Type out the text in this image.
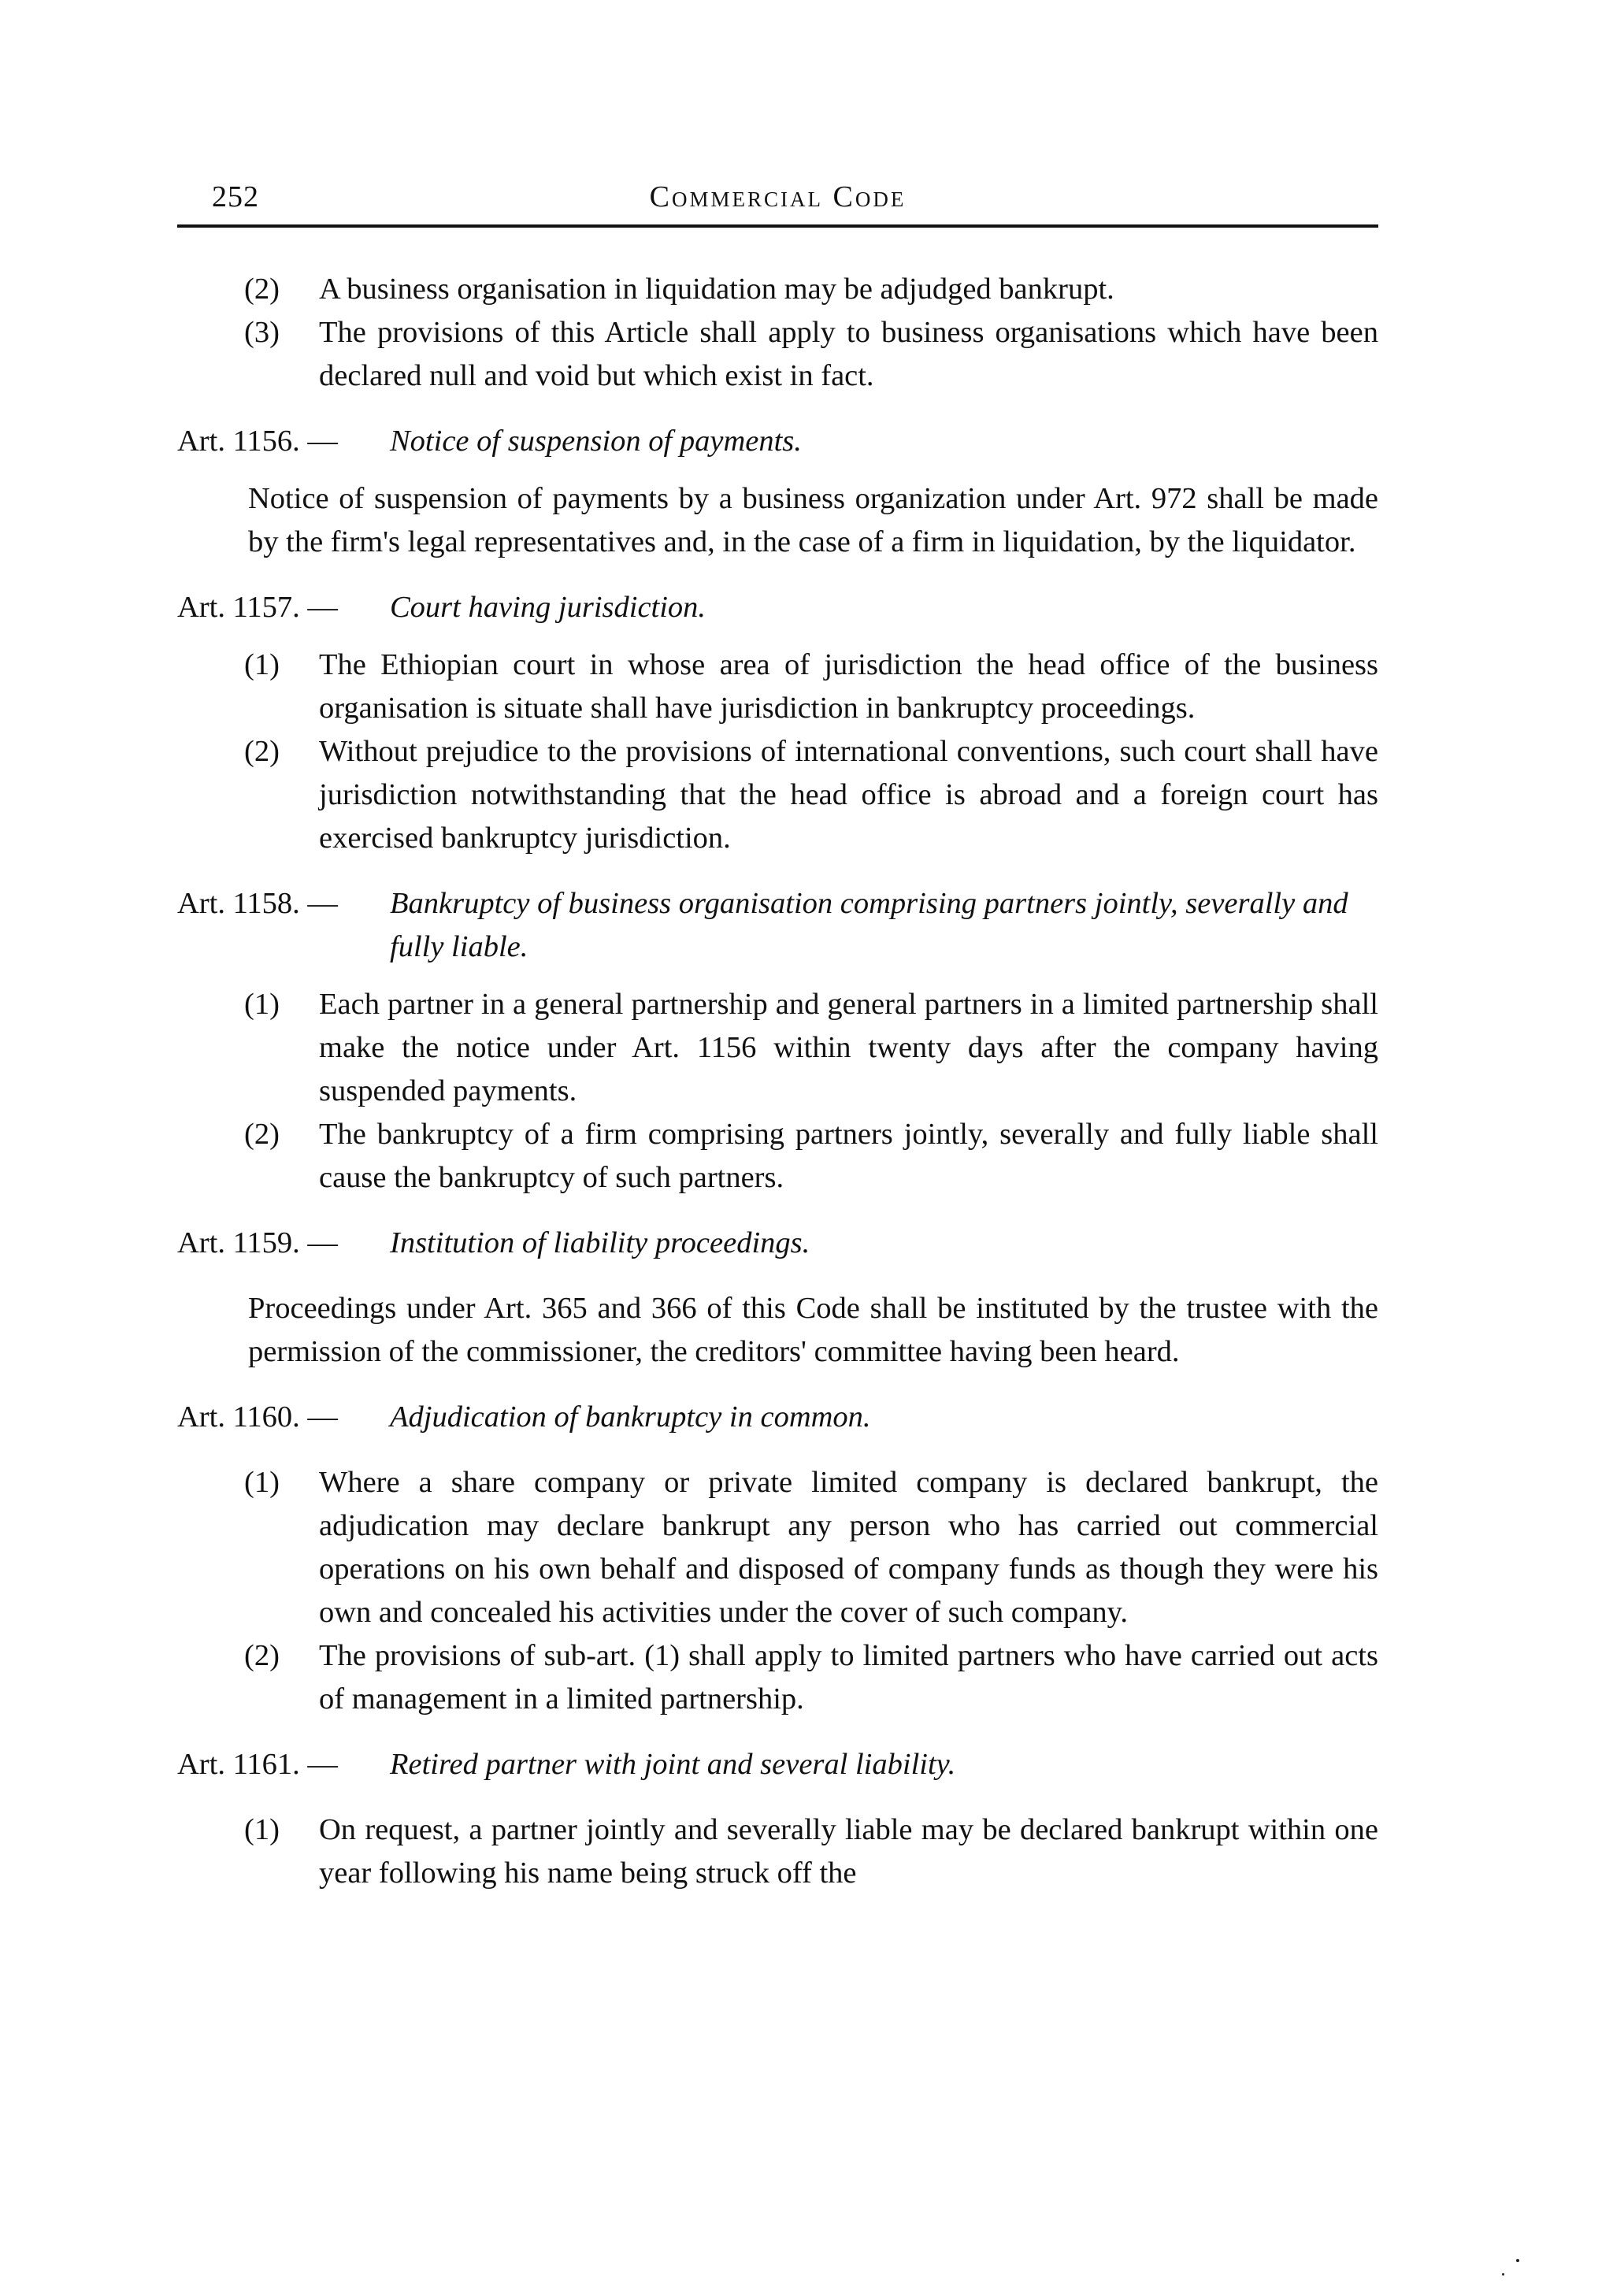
252	Commercial Code
(2)	A business organisation in liquidation may be adjudged bankrupt.
(3)	The provisions of this Article shall apply to business organisations which have been declared null and void but which exist in fact.
Art. 1156. —	Notice of suspension of payments.
Notice of suspension of payments by a business organization under Art. 972 shall be made by the firm's legal representatives and, in the case of a firm in liquidation, by the liquidator.
Art. 1157. —	Court having jurisdiction.
(1)	The Ethiopian court in whose area of jurisdiction the head office of the business organisation is situate shall have jurisdiction in bankruptcy proceedings.
(2)	Without prejudice to the provisions of international conventions, such court shall have jurisdiction notwithstanding that the head office is abroad and a foreign court has exercised bankruptcy jurisdiction.
Art. 1158. —	Bankruptcy of business organisation comprising partners jointly, severally and fully liable.
(1)	Each partner in a general partnership and general partners in a limited partnership shall make the notice under Art. 1156 within twenty days after the company having suspended payments.
(2)	The bankruptcy of a firm comprising partners jointly, severally and fully liable shall cause the bankruptcy of such partners.
Art. 1159. —	Institution of liability proceedings.
Proceedings under Art. 365 and 366 of this Code shall be instituted by the trustee with the permission of the commissioner, the creditors' committee having been heard.
Art. 1160. —	Adjudication of bankruptcy in common.
(1)	Where a share company or private limited company is declared bankrupt, the adjudication may declare bankrupt any person who has carried out commercial operations on his own behalf and disposed of company funds as though they were his own and concealed his activities under the cover of such company.
(2)	The provisions of sub-art. (1) shall apply to limited partners who have carried out acts of management in a limited partnership.
Art. 1161. —	Retired partner with joint and several liability.
(1)	On request, a partner jointly and severally liable may be declared bankrupt within one year following his name being struck off the
